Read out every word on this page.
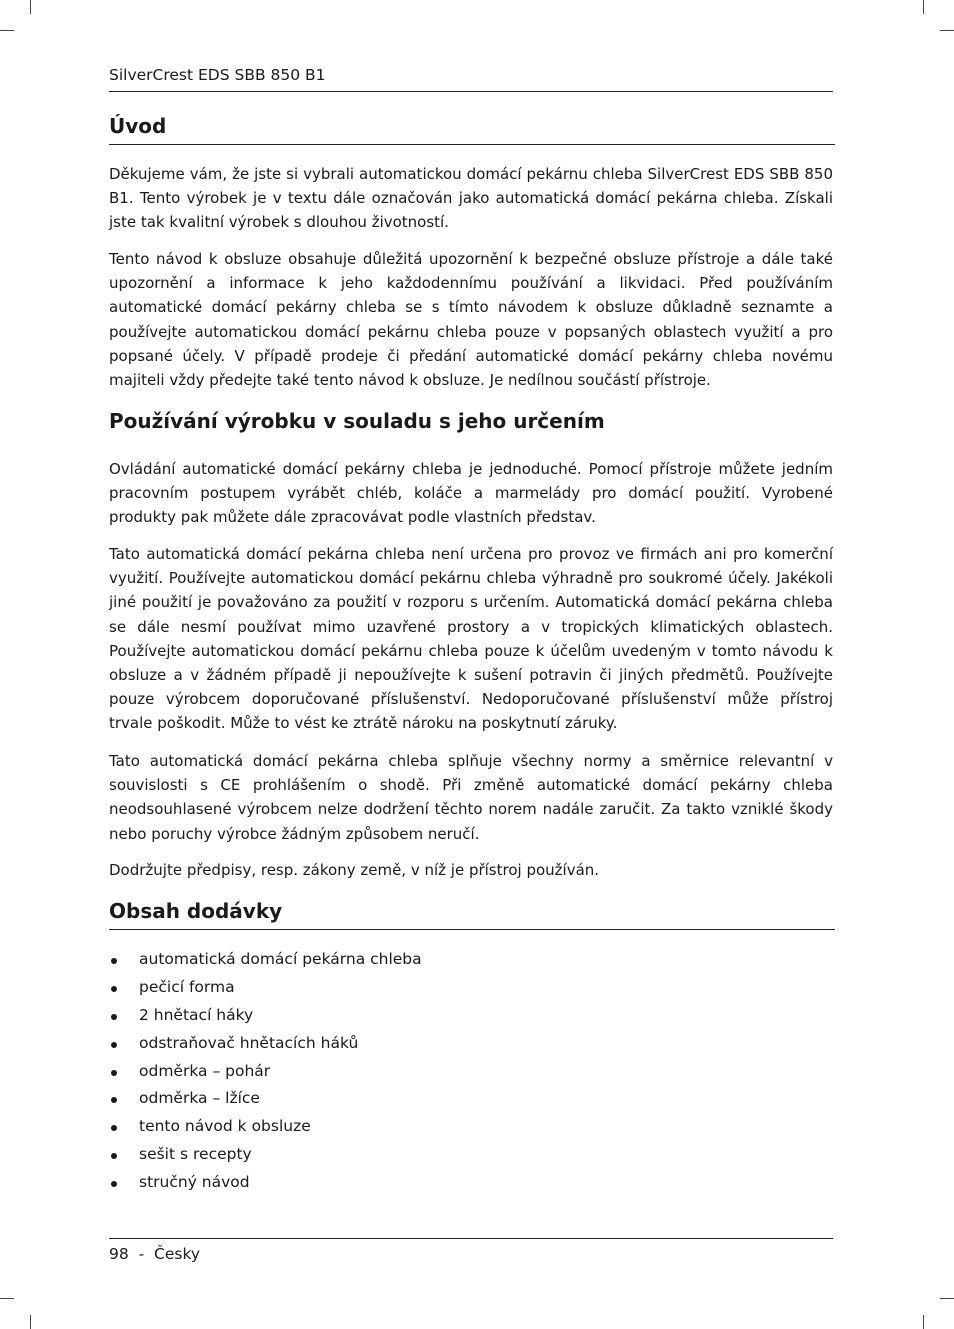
SilverCrest EDS SBB 850 B1
Úvod

Děkujeme vám, že jste si vybrali automatickou domácí pekárnu chleba SilverCrest EDS SBB 850 B1. Tento výrobek je v textu dále označován jako automatická domácí pekárna chleba. Získali jste tak kvalitní výrobek s dlouhou životností.

Tento návod k obsluze obsahuje důležitá upozornění k bezpečné obsluze přístroje a dále také upozornění a informace k jeho každodennímu používání a likvidaci. Před používáním automatické domácí pekárny chleba se s tímto návodem k obsluze důkladně seznamte a používejte automatickou domácí pekárnu chleba pouze v popsaných oblastech využití a pro popsané účely. V případě prodeje či předání automatické domácí pekárny chleba novému majiteli vždy předejte také tento návod k obsluze. Je nedílnou součástí přístroje.

Používání výrobku v souladu s jeho určením

Ovládání automatické domácí pekárny chleba je jednoduché. Pomocí přístroje můžete jedním pracovním postupem vyrábět chléb, koláče a marmelády pro domácí použití. Vyrobené produkty pak můžete dále zpracovávat podle vlastních představ.

Tato automatická domácí pekárna chleba není určena pro provoz ve firmách ani pro komerční využití. Používejte automatickou domácí pekárnu chleba výhradně pro soukromé účely. Jakékoli jiné použití je považováno za použití v rozporu s určením. Automatická domácí pekárna chleba se dále nesmí používat mimo uzavřené prostory a v tropických klimatických oblastech. Používejte automatickou domácí pekárnu chleba pouze k účelům uvedeným v tomto návodu k obsluze a v žádném případě ji nepoužívejte k sušení potravin či jiných předmětů. Používejte pouze výrobcem doporučované příslušenství. Nedoporučované příslušenství může přístroj trvale poškodit. Může to vést ke ztrátě nároku na poskytnutí záruky.

Tato automatická domácí pekárna chleba splňuje všechny normy a směrnice relevantní v souvislosti s CE prohlášením o shodě. Při změně automatické domácí pekárny chleba neodsouhlasené výrobcem nelze dodržení těchto norem nadále zaručit. Za takto vzniklé škody nebo poruchy výrobce žádným způsobem neručí.

Dodržujte předpisy, resp. zákony země, v níž je přístroj používán.

Obsah dodávky
automatická domácí pekárna chleba
pečicí forma
2 hnětací háky
odstraňovač hnětacích háků
odměrka – pohár
odměrka – lžíce
tento návod k obsluze
sešit s recepty
stručný návod
98  -  Česky
